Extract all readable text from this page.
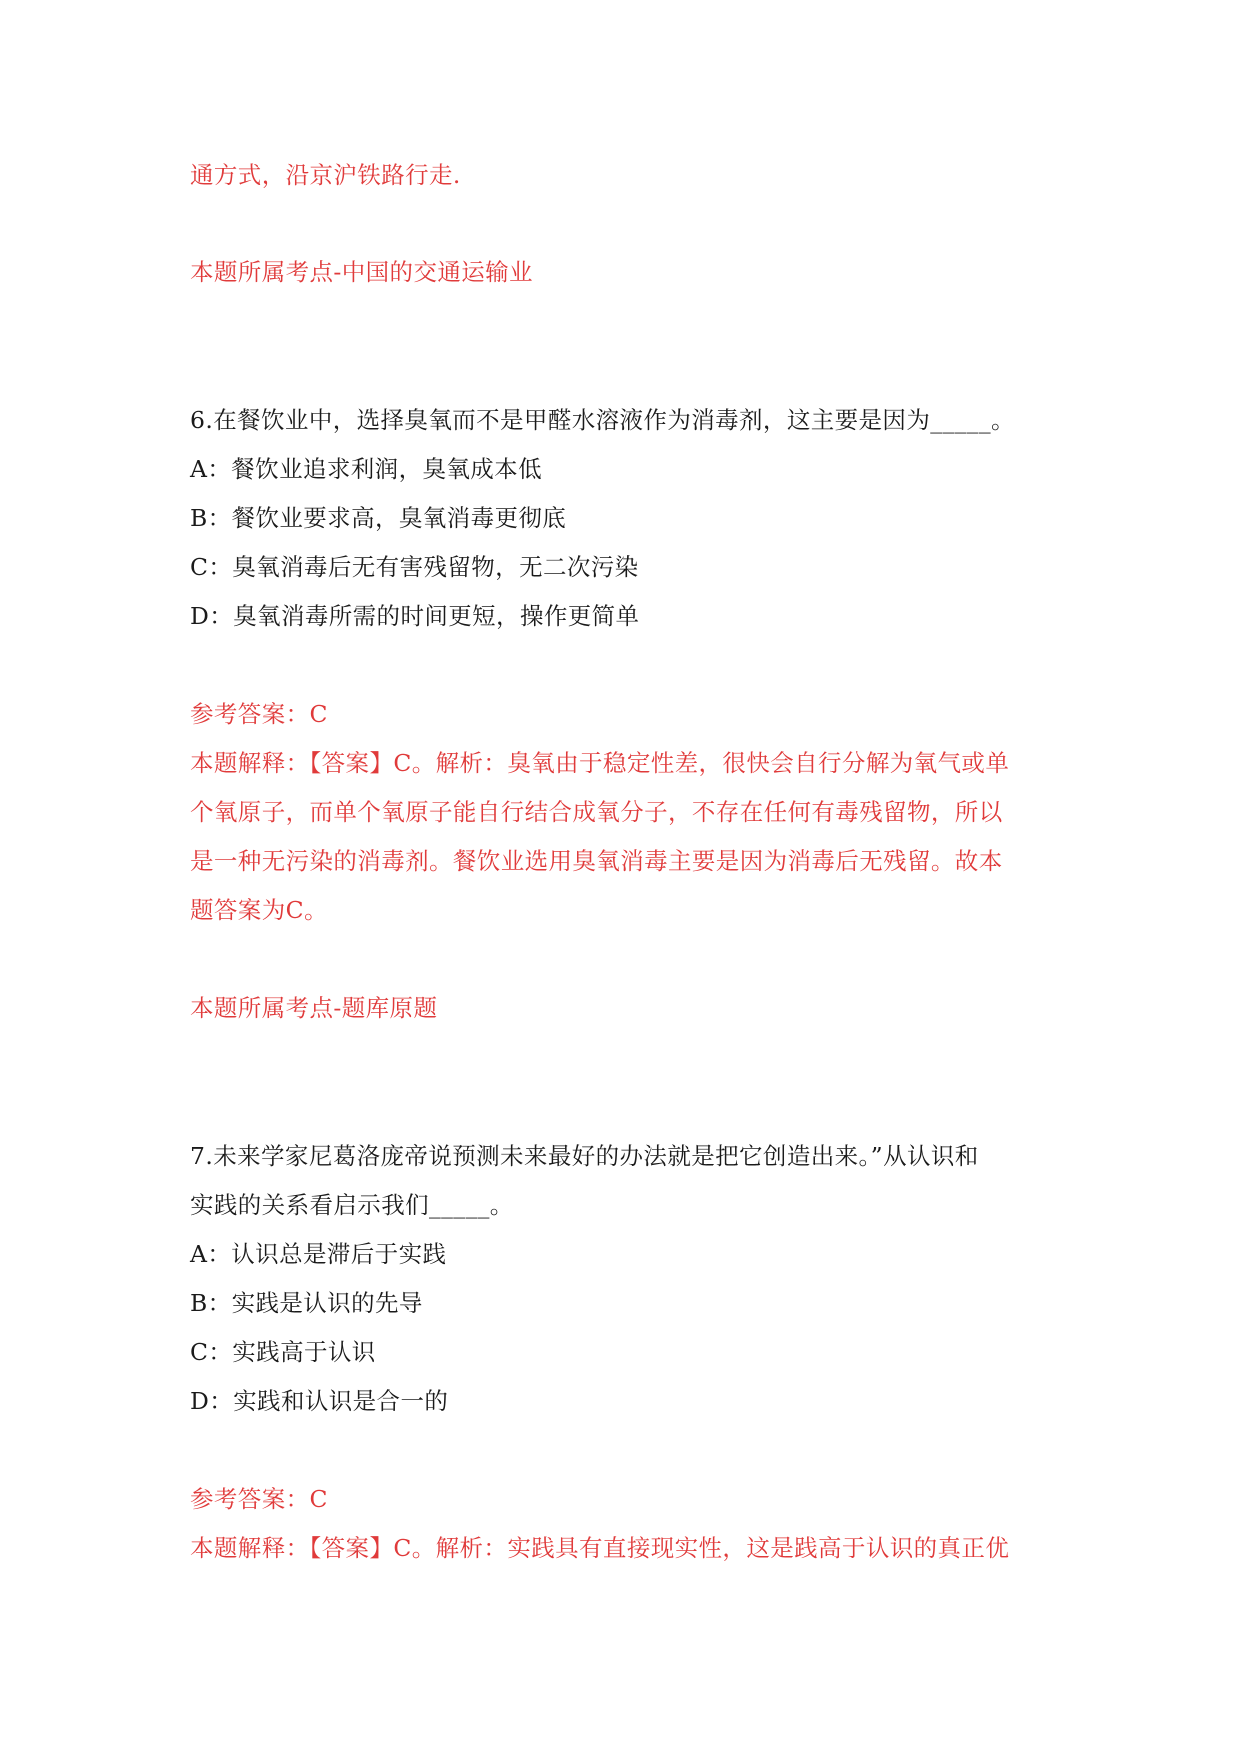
通方式，沿京沪铁路行走.
本题所属考点-中国的交通运输业
6.在餐饮业中，选择臭氧而不是甲醛水溶液作为消毒剂，这主要是因为_____。
A：餐饮业追求利润，臭氧成本低
B：餐饮业要求高，臭氧消毒更彻底
C：臭氧消毒后无有害残留物，无二次污染
D：臭氧消毒所需的时间更短，操作更简单
参考答案：C
本题解释：【答案】C。解析：臭氧由于稳定性差，很快会自行分解为氧气或单
个氧原子，而单个氧原子能自行结合成氧分子，不存在任何有毒残留物，所以
是一种无污染的消毒剂。餐饮业选用臭氧消毒主要是因为消毒后无残留。故本
题答案为C。
本题所属考点-题库原题
7.未来学家尼葛洛庞帝说预测未来最好的办法就是把它创造出来。”从认识和
实践的关系看启示我们_____。
A：认识总是滞后于实践
B：实践是认识的先导
C：实践高于认识
D：实践和认识是合一的
参考答案：C
本题解释：【答案】C。解析：实践具有直接现实性，这是践高于认识的真正优
